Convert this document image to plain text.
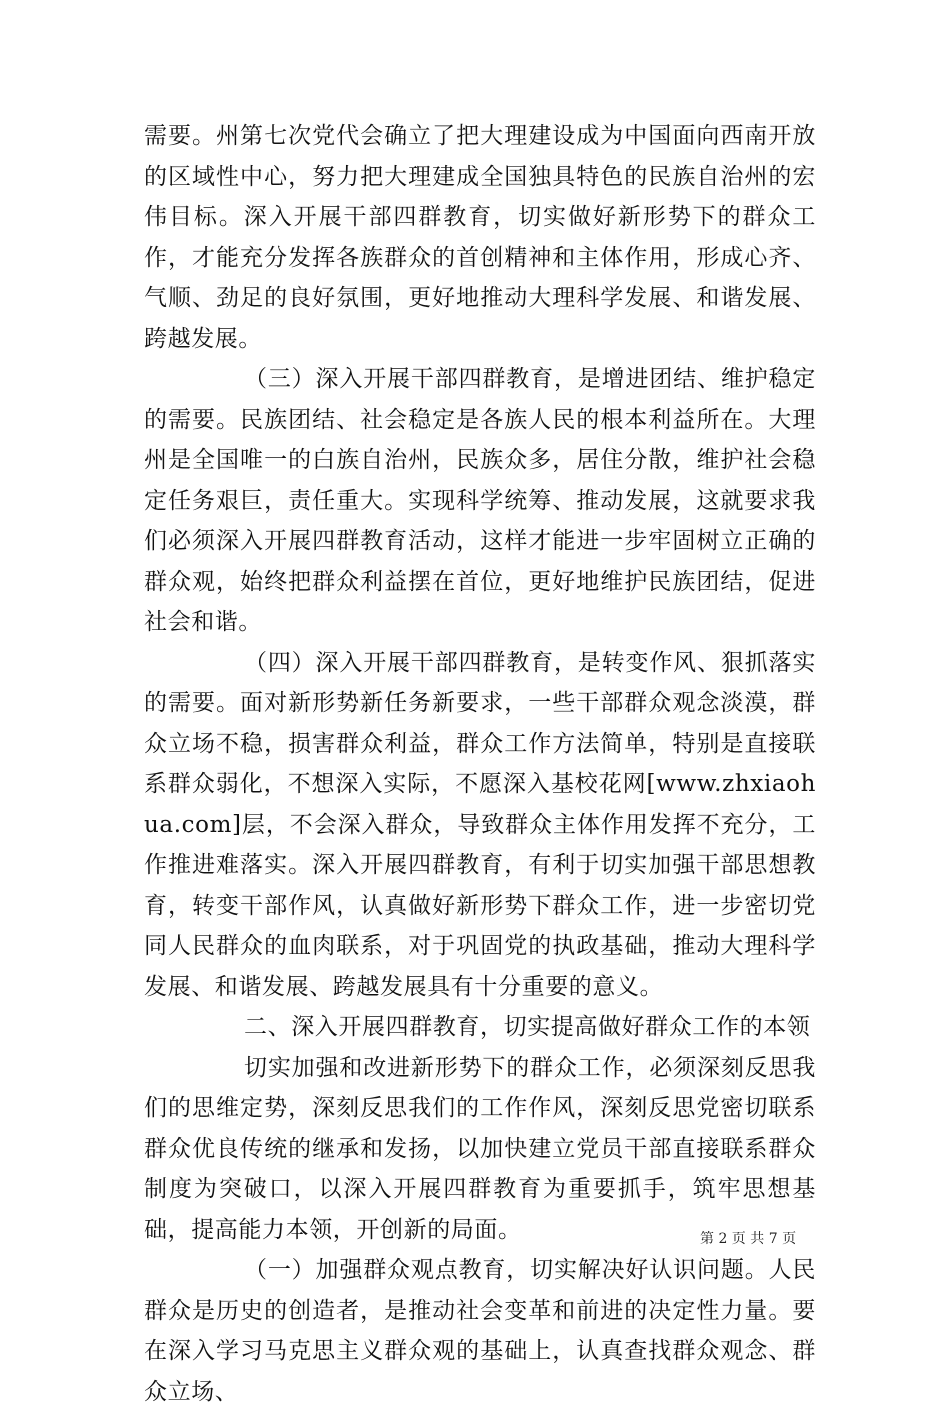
需要。州第七次党代会确立了把大理建设成为中国面向西南开放的区域性中心，努力把大理建成全国独具特色的民族自治州的宏伟目标。深入开展干部四群教育，切实做好新形势下的群众工作，才能充分发挥各族群众的首创精神和主体作用，形成心齐、气顺、劲足的良好氛围，更好地推动大理科学发展、和谐发展、跨越发展。

（三）深入开展干部四群教育，是增进团结、维护稳定的需要。民族团结、社会稳定是各族人民的根本利益所在。大理州是全国唯一的白族自治州，民族众多，居住分散，维护社会稳定任务艰巨，责任重大。实现科学统筹、推动发展，这就要求我们必须深入开展四群教育活动，这样才能进一步牢固树立正确的群众观，始终把群众利益摆在首位，更好地维护民族团结，促进社会和谐。

（四）深入开展干部四群教育，是转变作风、狠抓落实的需要。面对新形势新任务新要求，一些干部群众观念淡漠，群众立场不稳，损害群众利益，群众工作方法简单，特别是直接联系群众弱化，不想深入实际，不愿深入基校花网[www.zhxiaohua.com]层，不会深入群众，导致群众主体作用发挥不充分，工作推进难落实。深入开展四群教育，有利于切实加强干部思想教育，转变干部作风，认真做好新形势下群众工作，进一步密切党同人民群众的血肉联系，对于巩固党的执政基础，推动大理科学发展、和谐发展、跨越发展具有十分重要的意义。

二、深入开展四群教育，切实提高做好群众工作的本领

切实加强和改进新形势下的群众工作，必须深刻反思我们的思维定势，深刻反思我们的工作作风，深刻反思党密切联系群众优良传统的继承和发扬，以加快建立党员干部直接联系群众制度为突破口，以深入开展四群教育为重要抓手，筑牢思想基础，提高能力本领，开创新的局面。

（一）加强群众观点教育，切实解决好认识问题。人民群众是历史的创造者，是推动社会变革和前进的决定性力量。要在深入学习马克思主义群众观的基础上，认真查找群众观念、群众立场、

第 2 页 共 7 页
